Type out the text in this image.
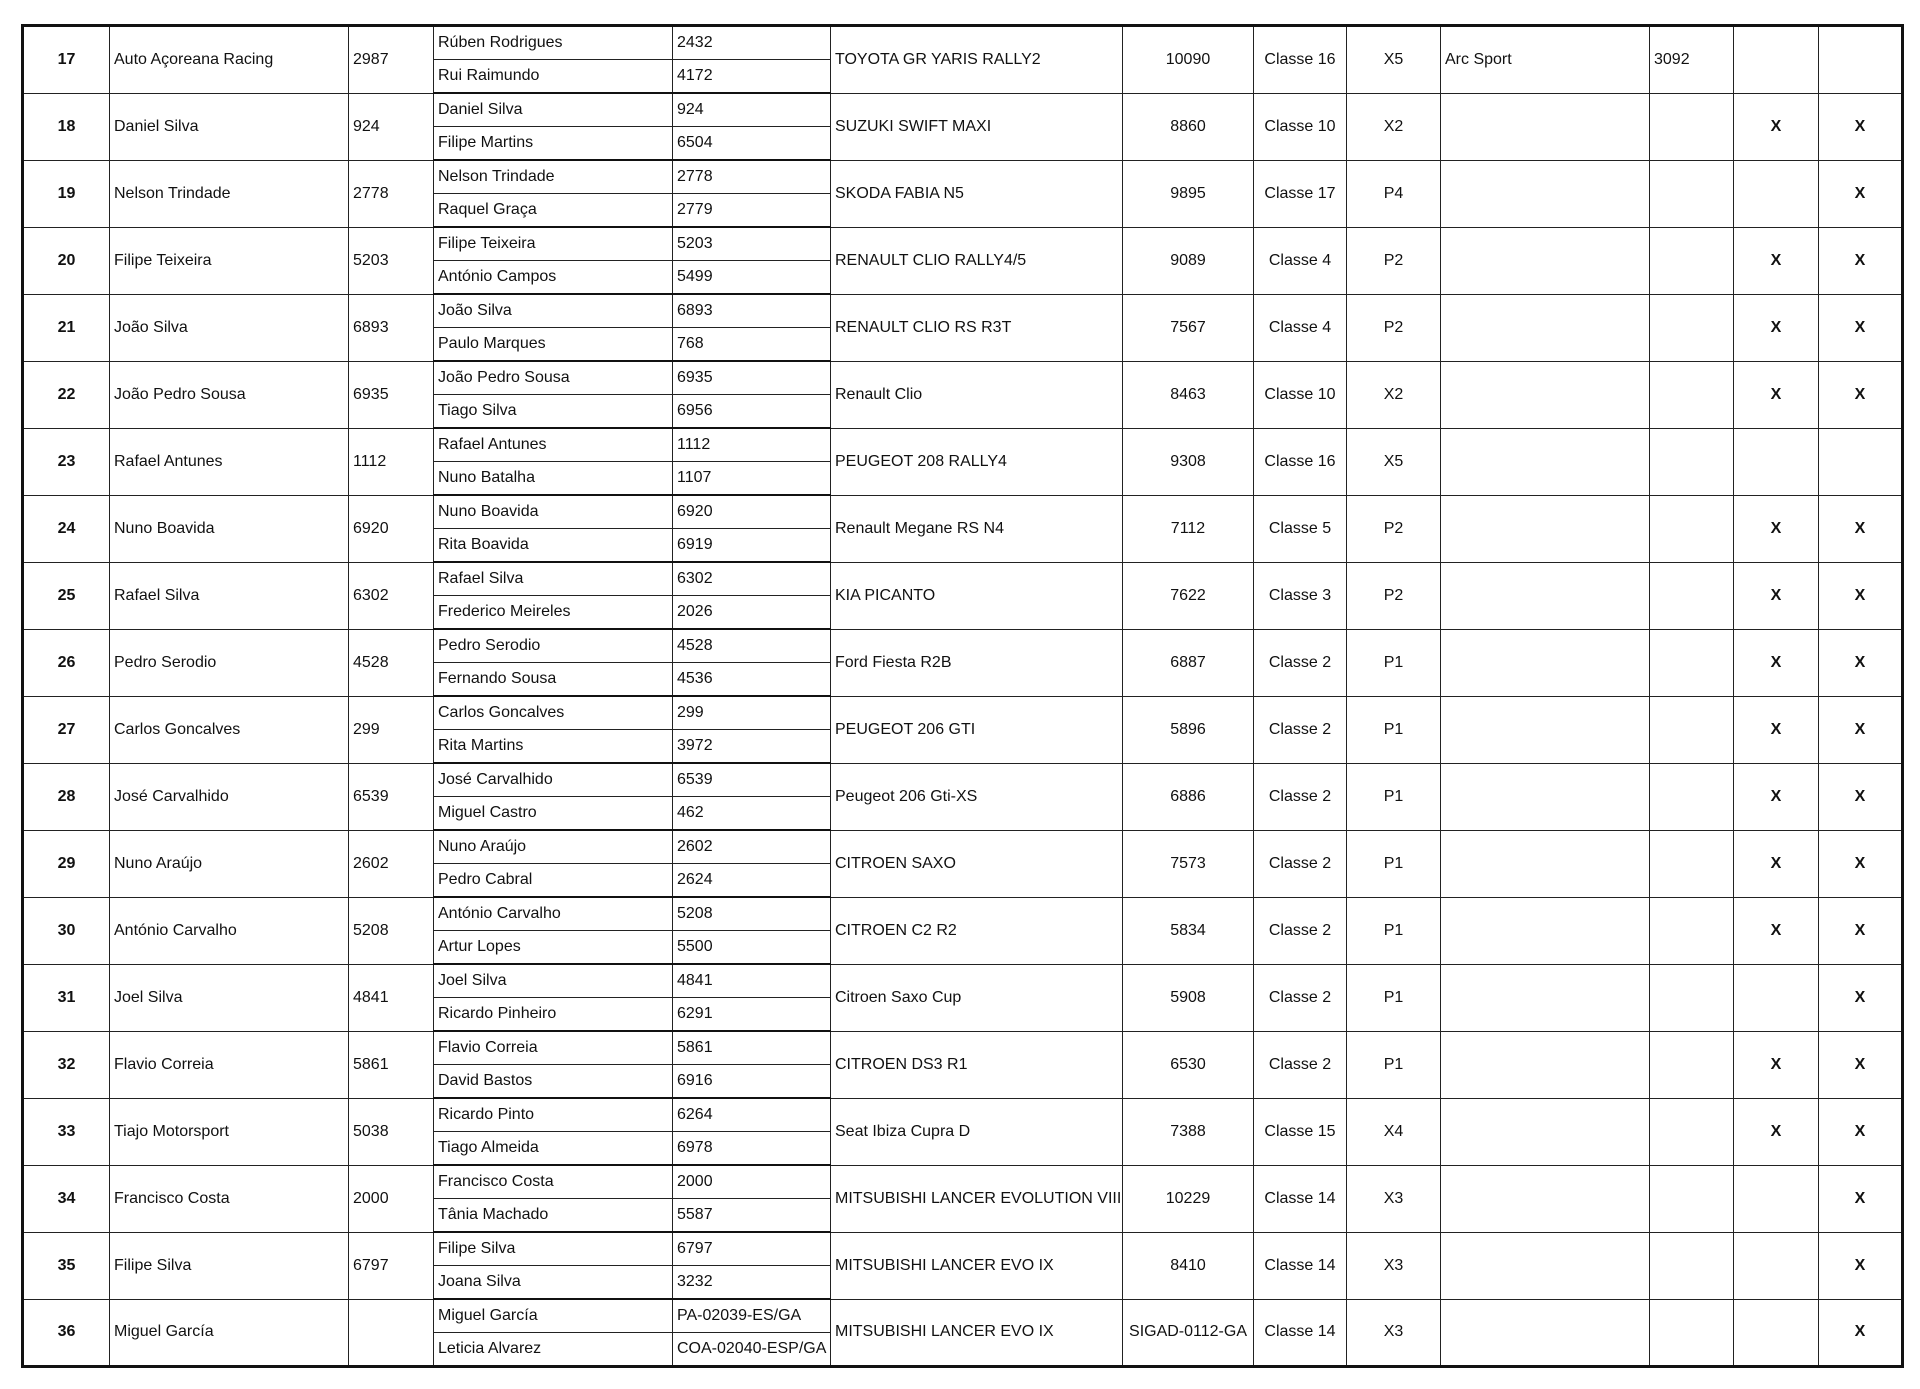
17	Auto Açoreana Racing	2987	Rúben Rodrigues	2432	TOYOTA GR YARIS RALLY2	10090	Classe 16	X5	Arc Sport	3092		
			Rui Raimundo	4172								
18	Daniel Silva	924	Daniel Silva	924	SUZUKI SWIFT MAXI	8860	Classe 10	X2			X	X
			Filipe Martins	6504								
19	Nelson Trindade	2778	Nelson Trindade	2778	SKODA FABIA N5	9895	Classe 17	P4				X
			Raquel Graça	2779								
20	Filipe Teixeira	5203	Filipe Teixeira	5203	RENAULT CLIO RALLY4/5	9089	Classe 4	P2			X	X
			António Campos	5499								
21	João Silva	6893	João Silva	6893	RENAULT CLIO RS R3T	7567	Classe 4	P2			X	X
			Paulo Marques	768								
22	João Pedro Sousa	6935	João Pedro Sousa	6935	Renault Clio	8463	Classe 10	X2			X	X
			Tiago Silva	6956								
23	Rafael Antunes	1112	Rafael Antunes	1112	PEUGEOT 208 RALLY4	9308	Classe 16	X5				
			Nuno Batalha	1107								
24	Nuno Boavida	6920	Nuno Boavida	6920	Renault Megane RS N4	7112	Classe 5	P2			X	X
			Rita Boavida	6919								
25	Rafael Silva	6302	Rafael Silva	6302	KIA PICANTO	7622	Classe 3	P2			X	X
			Frederico Meireles	2026								
26	Pedro Serodio	4528	Pedro Serodio	4528	Ford Fiesta R2B	6887	Classe 2	P1			X	X
			Fernando Sousa	4536								
27	Carlos Goncalves	299	Carlos Goncalves	299	PEUGEOT 206 GTI	5896	Classe 2	P1			X	X
			Rita Martins	3972								
28	José Carvalhido	6539	José Carvalhido	6539	Peugeot 206 Gti-XS	6886	Classe 2	P1			X	X
			Miguel Castro	462								
29	Nuno Araújo	2602	Nuno Araújo	2602	CITROEN SAXO	7573	Classe 2	P1			X	X
			Pedro Cabral	2624								
30	António Carvalho	5208	António Carvalho	5208	CITROEN C2 R2	5834	Classe 2	P1			X	X
			Artur Lopes	5500								
31	Joel Silva	4841	Joel Silva	4841	Citroen Saxo Cup	5908	Classe 2	P1				X
			Ricardo Pinheiro	6291								
32	Flavio Correia	5861	Flavio Correia	5861	CITROEN DS3 R1	6530	Classe 2	P1			X	X
			David Bastos	6916								
33	Tiajo Motorsport	5038	Ricardo Pinto	6264	Seat Ibiza Cupra D	7388	Classe 15	X4			X	X
			Tiago Almeida	6978								
34	Francisco Costa	2000	Francisco Costa	2000	MITSUBISHI LANCER EVOLUTION VIII	10229	Classe 14	X3				X
			Tânia Machado	5587								
35	Filipe Silva	6797	Filipe Silva	6797	MITSUBISHI LANCER EVO IX	8410	Classe 14	X3				X
			Joana Silva	3232								
36	Miguel García		Miguel García	PA-02039-ES/GA	MITSUBISHI LANCER EVO IX	SIGAD-0112-GA	Classe 14	X3				X
			Leticia Alvarez	COA-02040-ESP/GA								
